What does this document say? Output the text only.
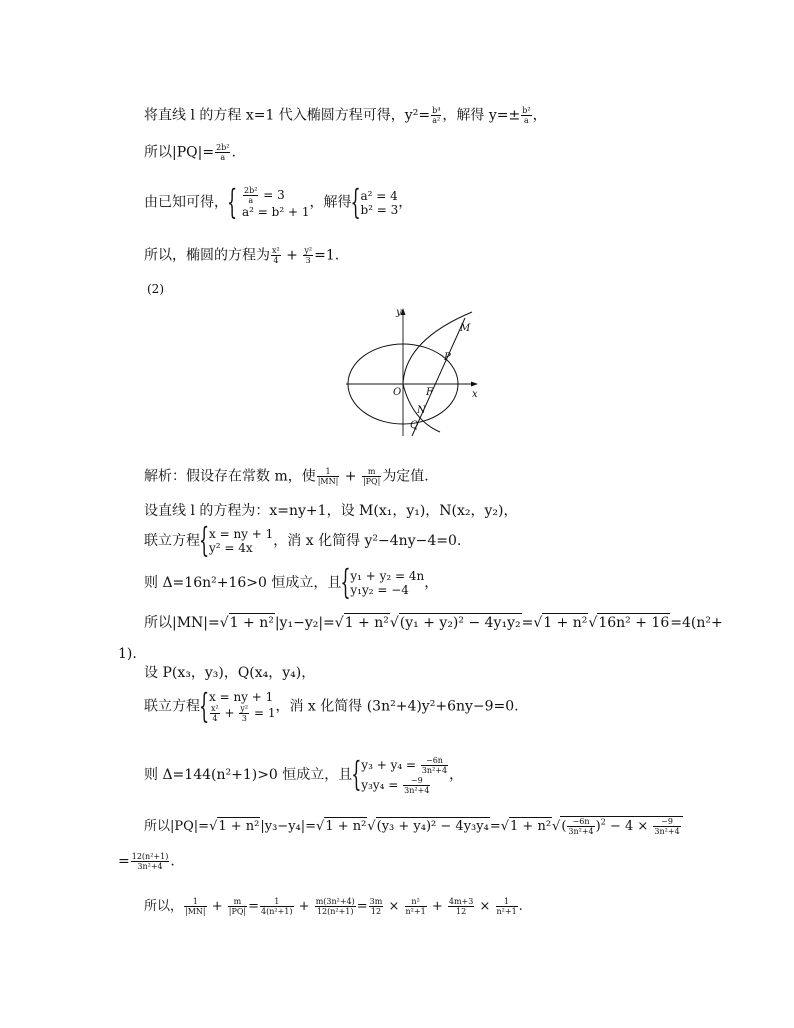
将直线 l 的方程 x=1 代入椭圆方程可得，$y^2= \frac{\text{b⁴}}{\text{a²}}$ ，解得 $y=\pm \frac{\text{b²}}{a}$ ，
所以$|PQ|= \frac{\text{2b²}}{a}$ .
由已知可得， { $\frac{\text{2b²}}{a} = 3$
a² = b² + 1
，解得 { a² = 4
b² = 3 ，
所以，椭圆的方程为 $\frac{\text{x²}}{4} + \frac{\text{y²}}{3} =1$.
(2)
y
x
O F
M
P
N
Q
解析：假设存在常数 m，使 $\frac{1}{|MN|} + \frac{m}{|PQ|}$ 为定值.
设直线 l 的方程为：x=ny+1，设 M(x₁，y₁)，N(x₂，y₂)，
联立方程 { x = ny + 1
y² = 4x	，消 x 化简得 y²−4ny−4=0.
则 Δ=16n²+16>0 恒成立，且 { y₁ + y₂ = 4n
y₁y₂ = −4	，
所以|MN|=√1 + n²|y₁−y₂|=√1 + n²√(y₁ + y₂)² − 4y₁y₂=√1 + n²√16n² + 16=4(n²+
1).
设 P(x₃，y₃)，Q(x₄，y₄)，
联立方程
{ x = ny + 1
$\frac{\text{x²}}{4} + \frac{\text{y²}}{3} = 1$ ，消 x 化简得 (3n²+4)y²+6ny−9=0.
则 Δ=144(n²+1)>0 恒成立，且
{ $y_3 + y_4 = \frac{-6n}{\text{3n²+4}}$
$y_3y_4 = \frac{-9}{\text{3n²+4}}$
，
所以$|PQ|=√1 + n^2|y_3-y_4|=√1 + n^2√(y_3 + y_4)^2 - 4y_3y_4=√1 + n^2√( \frac{-6n}{\text{3n²+4}} )^2 - 4 \times \frac{-9}{\text{3n²+4}}$
= $\frac{\text{12(n²+1)}}{\text{3n²+4}}$ .
所以， $\frac{1}{|MN|} + \frac{m}{|PQ|} = \frac{1}{\text{4(n²+1)}} + \frac{\text{m(3n²+4)}}{\text{12(n²+1)}} = \frac{3m}{12} \times \frac{\text{n²}}{\text{n²+1}} + \frac{4m+3}{12} \times \frac{1}{\text{n²+1}}$ .
